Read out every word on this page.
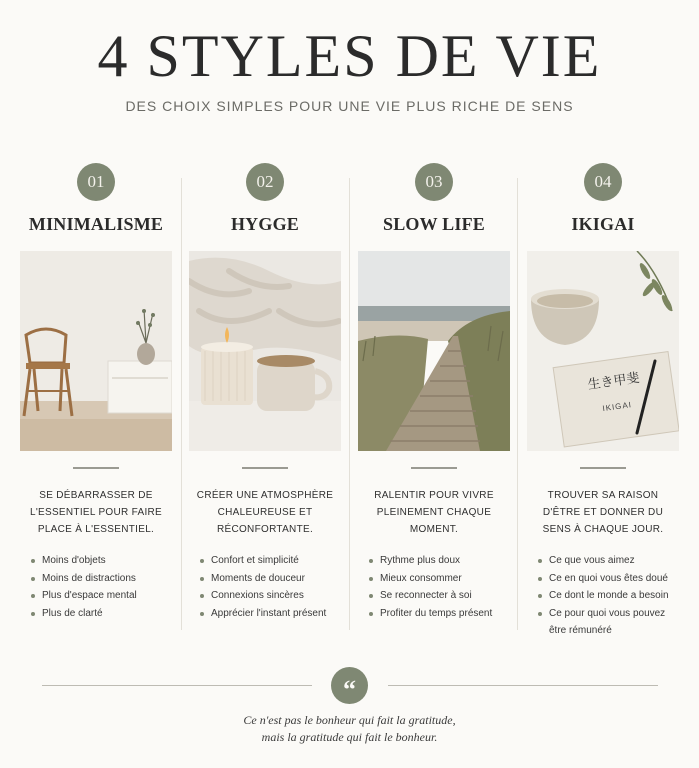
4 STYLES DE VIE
DES CHOIX SIMPLES POUR UNE VIE PLUS RICHE DE SENS
01
MINIMALISME
SE DÉBARRASSER DE L'ESSENTIEL POUR FAIRE PLACE À L'ESSENTIEL.
Moins d'objets
Moins de distractions
Plus d'espace mental
Plus de clarté
02
HYGGE
CRÉER UNE ATMOSPHÈRE CHALEUREUSE ET RÉCONFORTANTE.
Confort et simplicité
Moments de douceur
Connexions sincères
Apprécier l'instant présent
03
SLOW LIFE
RALENTIR POUR VIVRE PLEINEMENT CHAQUE MOMENT.
Rythme plus doux
Mieux consommer
Se reconnecter à soi
Profiter du temps présent
04
IKIGAI
生き甲斐
IKIGAI
TROUVER SA RAISON D'ÊTRE ET DONNER DU SENS À CHAQUE JOUR.
Ce que vous aimez
Ce en quoi vous êtes doué
Ce dont le monde a besoin
Ce pour quoi vous pouvez être rémunéré
“
Ce n'est pas le bonheur qui fait la gratitude,
mais la gratitude qui fait le bonheur.
